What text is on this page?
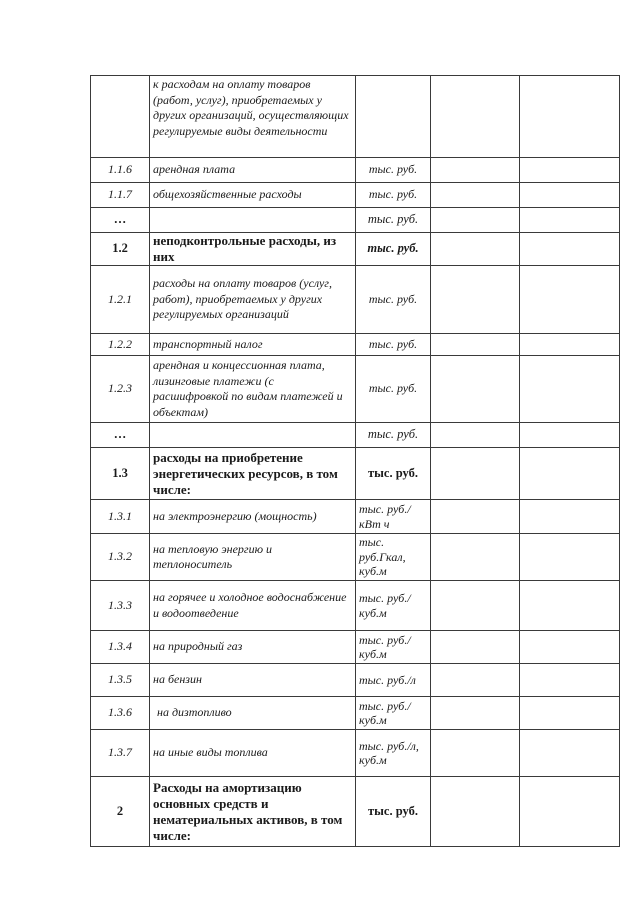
	к расходам на оплату товаров (работ, услуг), приобретаемых у других организаций, осуществляющих регулируемые виды деятельности			
1.1.6	арендная плата	тыс. руб.		
1.1.7	общехозяйственные расходы	тыс. руб.		
…		тыс. руб.		
1.2	неподконтрольные расходы, из них	тыс. руб.		
1.2.1	расходы на оплату товаров (услуг, работ), приобретаемых у других регулируемых организаций	тыс. руб.		
1.2.2	транспортный налог	тыс. руб.		
1.2.3	арендная и концессионная плата, лизинговые платежи (с расшифровкой по видам платежей и объектам)	тыс. руб.		
…		тыс. руб.		
1.3	расходы на приобретение энергетических ресурсов, в том числе:	тыс. руб.		
1.3.1	на электроэнергию (мощность)	тыс. руб./кВт ч		
1.3.2	на тепловую энергию и теплоноситель	тыс. руб.Гкал, куб.м		
1.3.3	на горячее и холодное водоснабжение и водоотведение	тыс. руб./куб.м		
1.3.4	на природный газ	тыс. руб./куб.м		
1.3.5	на бензин	тыс. руб./л		
1.3.6	на дизтопливо	тыс. руб./куб.м		
1.3.7	на иные виды топлива	тыс. руб./л, куб.м		
2	Расходы на амортизацию основных средств и нематериальных активов, в том числе:	тыс. руб.		
